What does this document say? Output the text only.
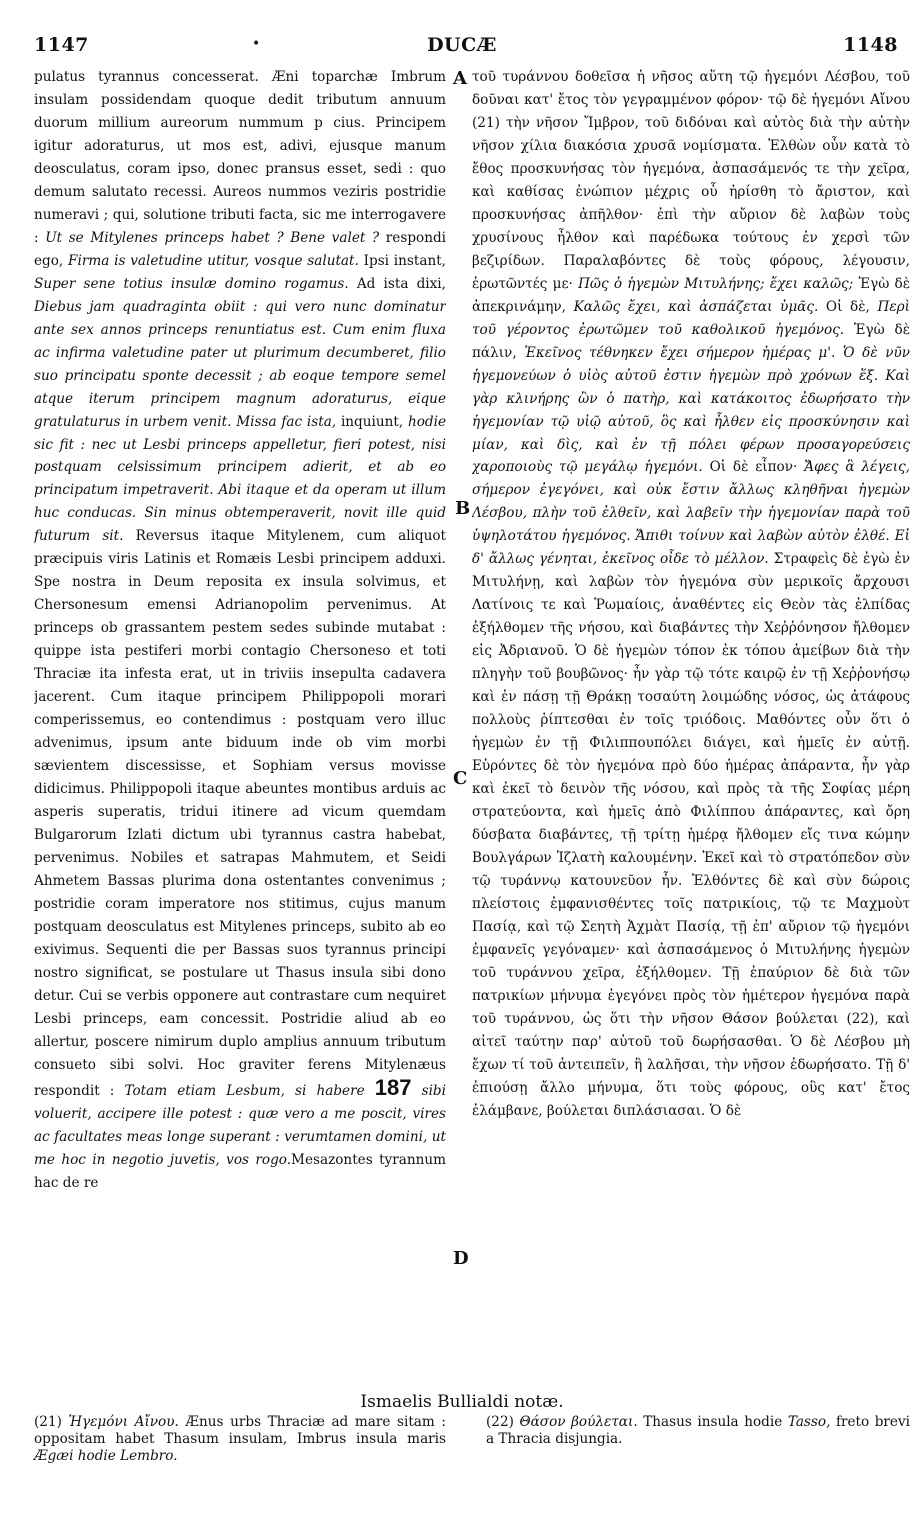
1147	•	DUCÆ	1148

pulatus tyrannus concesserat. Æni toparchæ Imbrum insulam possidendam quoque dedit tributum annuum duorum millium aureorum nummum p cius. Principem igitur adoraturus, ut mos est, adivi, ejusque manum deosculatus, coram ipso, donec pransus esset, sedi : quo demum salutato recessi. Aureos nummos veziris postridie numeravi ; qui, solutione tributi facta, sic me interrogavere : Ut se Mitylenes princeps habet ? Bene valet ? respondi ego, Firma is valetudine utitur, vosque salutat. Ipsi instant, Super sene totius insulæ domino rogamus. Ad ista dixi, Diebus jam quadraginta obiit : qui vero nunc dominatur ante sex annos princeps renuntiatus est. Cum enim fluxa ac infirma valetudine pater ut plurimum decumberet, filio suo principatu sponte decessit ; ab eoque tempore semel atque iterum principem magnum adoraturus, eique gratulaturus in urbem venit. Missa fac ista, inquiunt, hodie sic fit : nec ut Lesbi princeps appelletur, fieri potest, nisi postquam celsissimum principem adierit, et ab eo principatum impetraverit. Abi itaque et da operam ut illum huc conducas. Sin minus obtemperaverit, novit ille quid futurum sit. Reversus itaque Mitylenem, cum aliquot præcipuis viris Latinis et Romæis Lesbi principem adduxi. Spe nostra in Deum reposita ex insula solvimus, et Chersonesum emensi Adrianopolim pervenimus. At princeps ob grassantem pestem sedes subinde mutabat : quippe ista pestiferi morbi contagio Chersoneso et toti Thraciæ ita infesta erat, ut in triviis insepulta cadavera jacerent. Cum itaque principem Philippopoli morari comperissemus, eo contendimus : postquam vero illuc advenimus, ipsum ante biduum inde ob vim morbi sævientem discessisse, et Sophiam versus movisse didicimus. Philippopoli itaque abeuntes montibus arduis ac asperis superatis, tridui itinere ad vicum quemdam Bulgarorum Izlati dictum ubi tyrannus castra habebat, pervenimus. Nobiles et satrapas Mahmutem, et Seidi Ahmetem Bassas plurima dona ostentantes convenimus ; postridie coram imperatore nos stitimus, cujus manum postquam deosculatus est Mitylenes princeps, subito ab eo exivimus. Sequenti die per Bassas suos tyrannus principi nostro significat, se postulare ut Thasus insula sibi dono detur. Cui se verbis opponere aut contrastare cum nequiret Lesbi princeps, eam concessit. Postridie aliud ab eo allertur, poscere nimirum duplo amplius annuum tributum consueto sibi solvi. Hoc graviter ferens Mitylenæus respondit : Totam etiam Lesbum, si habere 187 sibi voluerit, accipere ille potest : quæ vero a me poscit, vires ac facultates meas longe superant : verumtamen domini, ut me hoc in negotio juvetis, vos rogo.Mesazontes tyrannum hac de re

A
B
C
D

τοῦ τυράννου δοθεῖσα ἡ νῆσος αὕτη τῷ ἡγεμόνι Λέσβου, τοῦ δοῦναι κατ' ἔτος τὸν γεγραμμένον φόρον· τῷ δὲ ἡγεμόνι Αἴνου (21) τὴν νῆσον Ἴμβρον, τοῦ διδόναι καὶ αὐτὸς διὰ τὴν αὐτὴν νῆσον χίλια διακόσια χρυσᾶ νομίσματα. Ἐλθὼν οὖν κατὰ τὸ ἔθος προσκυνήσας τὸν ἡγεμόνα, ἀσπασάμενός τε τὴν χεῖρα, καὶ καθίσας ἐνώπιον μέχρις οὗ ἠρίσθη τὸ ἄριστον, καὶ προσκυνήσας ἀπῆλθον· ἐπὶ τὴν αὔριον δὲ λαβὼν τοὺς χρυσίνους ἦλθον καὶ παρέδωκα τούτους ἐν χερσὶ τῶν βεζιρίδων. Παραλαβόντες δὲ τοὺς φόρους, λέγουσιν, ἐρωτῶντές με· Πῶς ὁ ἡγεμὼν Μιτυλήνης; ἔχει καλῶς; Ἐγὼ δὲ ἀπεκρινάμην, Καλῶς ἔχει, καὶ ἀσπάζεται ὑμᾶς. Οἱ δὲ, Περὶ τοῦ γέροντος ἐρωτῶμεν τοῦ καθολικοῦ ἡγεμόνος. Ἐγὼ δὲ πάλιν, Ἐκεῖνος τέθνηκεν ἔχει σήμερον ἡμέρας μ'. Ὁ δὲ νῦν ἡγεμονεύων ὁ υἱὸς αὐτοῦ ἐστιν ἡγεμὼν πρὸ χρόνων ἕξ. Καὶ γὰρ κλινήρης ὢν ὁ πατὴρ, καὶ κατάκοιτος ἐδωρήσατο τὴν ἡγεμονίαν τῷ υἱῷ αὐτοῦ, ὃς καὶ ἦλθεν εἰς προσκύνησιν καὶ μίαν, καὶ δὶς, καὶ ἐν τῇ πόλει φέρων προσαγορεύσεις χαροποιοὺς τῷ μεγάλῳ ἡγεμόνι. Οἱ δὲ εἶπον· Ἄφες ἃ λέγεις, σήμερον ἐγεγόνει, καὶ οὐκ ἔστιν ἄλλως κληθῆναι ἡγεμὼν Λέσβου, πλὴν τοῦ ἐλθεῖν, καὶ λαβεῖν τὴν ἡγεμονίαν παρὰ τοῦ ὑψηλοτάτου ἡγεμόνος. Ἄπιθι τοίνυν καὶ λαβὼν αὐτὸν ἐλθέ. Εἰ δ' ἄλλως γένηται, ἐκεῖνος οἶδε τὸ μέλλον. Στραφεὶς δὲ ἐγὼ ἐν Μιτυλήνῃ, καὶ λαβὼν τὸν ἡγεμόνα σὺν μερικοῖς ἄρχουσι Λατίνοις τε καὶ Ῥωμαίοις, ἀναθέντες εἰς Θεὸν τὰς ἐλπίδας ἐξήλθομεν τῆς νήσου, καὶ διαβάντες τὴν Χεῤῥόνησον ἤλθομεν εἰς Ἀδριανοῦ. Ὁ δὲ ἡγεμὼν τόπον ἐκ τόπου ἀμείβων διὰ τὴν πληγὴν τοῦ βουβῶνος· ἦν γὰρ τῷ τότε καιρῷ ἐν τῇ Χεῤῥονήσῳ καὶ ἐν πάσῃ τῇ Θράκῃ τοσαύτη λοιμώδης νόσος, ὡς ἀτάφους πολλοὺς ῥίπτεσθαι ἐν τοῖς τριόδοις. Μαθόντες οὖν ὅτι ὁ ἡγεμὼν ἐν τῇ Φιλιππουπόλει διάγει, καὶ ἡμεῖς ἐν αὐτῇ. Εὑρόντες δὲ τὸν ἡγεμόνα πρὸ δύο ἡμέρας ἀπάραντα, ἦν γὰρ καὶ ἐκεῖ τὸ δεινὸν τῆς νόσου, καὶ πρὸς τὰ τῆς Σοφίας μέρη στρατεύοντα, καὶ ἡμεῖς ἀπὸ Φιλίππου ἀπάραντες, καὶ ὄρη δύσβατα διαβάντες, τῇ τρίτῃ ἡμέρᾳ ἤλθομεν εἴς τινα κώμην Βουλγάρων Ἰζλατὴ καλουμένην. Ἐκεῖ καὶ τὸ στρατόπεδον σὺν τῷ τυράννῳ κατουνεῦον ἦν. Ἐλθόντες δὲ καὶ σὺν δώροις πλείστοις ἐμφανισθέντες τοῖς πατρικίοις, τῷ τε Μαχμοὺτ Πασίᾳ, καὶ τῷ Σεητὴ Ἀχμὰτ Πασίᾳ, τῇ ἐπ' αὔριον τῷ ἡγεμόνι ἐμφανεῖς γεγόναμεν· καὶ ἀσπασάμενος ὁ Μιτυλήνης ἡγεμὼν τοῦ τυράννου χεῖρα, ἐξήλθομεν. Τῇ ἐπαύριον δὲ διὰ τῶν πατρικίων μήνυμα ἐγεγόνει πρὸς τὸν ἡμέτερον ἡγεμόνα παρὰ τοῦ τυράννου, ὡς ὅτι τὴν νῆσον Θάσον βούλεται (22), καὶ αἰτεῖ ταύτην παρ' αὐτοῦ τοῦ δωρήσασθαι. Ὁ δὲ Λέσβου μὴ ἔχων τί τοῦ ἀντειπεῖν, ἢ λαλῆσαι, τὴν νῆσον ἐδωρήσατο. Τῇ δ' ἐπιούσῃ ἄλλο μήνυμα, ὅτι τοὺς φόρους, οὓς κατ' ἔτος ἐλάμβανε, βούλεται διπλάσιασαι. Ὁ δὲ

Ismaelis Bullialdi notæ.
(21) Ἡγεμόνι Αἴνου. Ænus urbs Thraciæ ad mare sitam : oppositam habet Thasum insulam, Imbrus insula maris Ægæi hodie Lembro.
(22) Θάσον βούλεται. Thasus insula hodie Tasso, freto brevi a Thracia disjungia.
